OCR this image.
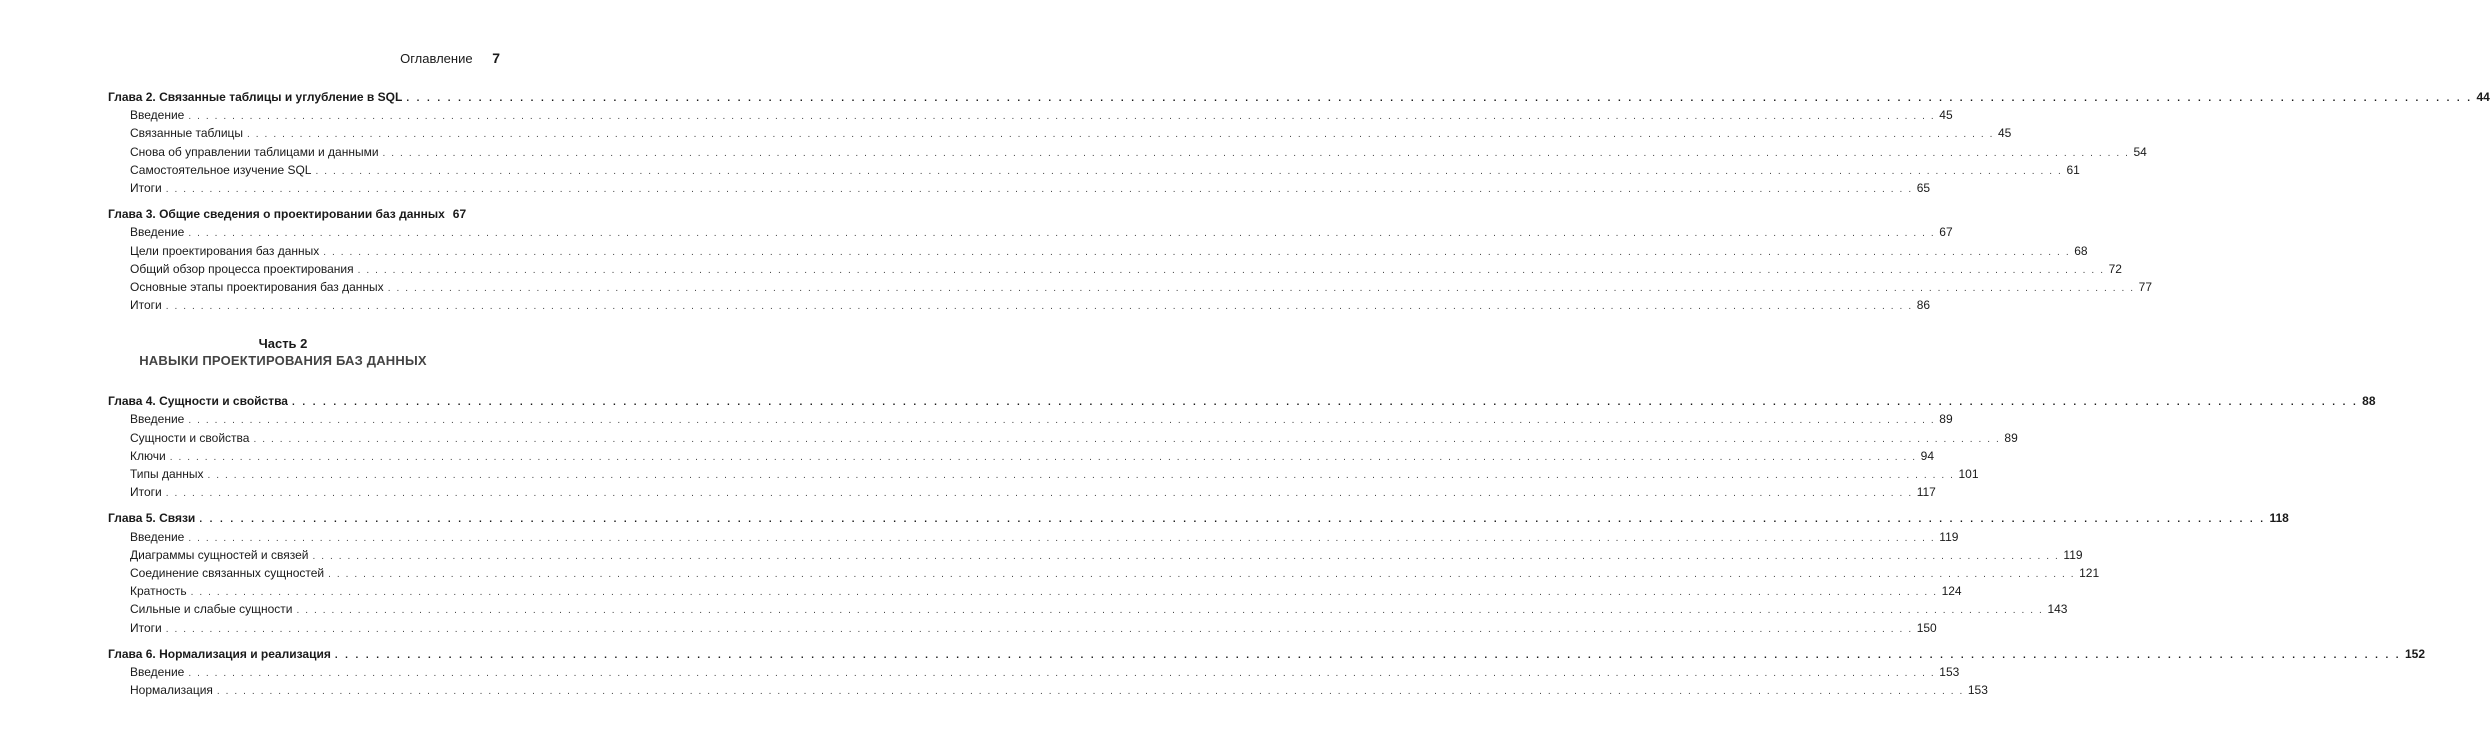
Оглавление 7
Глава 2. Связанные таблицы и углубление в SQL . . . . . . . . . . . . . . . . . . . . . . . . . . . . . . . . . . . . . . . . . . . . . . . . . . . . . . . . . . . . . . . . . . . . . . . . . . . . . . . . . . . . . . . . . . . . . . . . . . . . . . . . . . . . . . . . . . . . . . . . . . . . . . . . . . . . . . . . . . . . . . . . . . . . . . . . . . . . . . . . . . . . . . . . . . . . . . . . . . . . . . . . . . . . . . . . . . . . . . . . 44
Введение . . . . . . . . . . . . . . . . . . . . . . . . . . . . . . . . . . . . . . . . . . . . . . . . . . . . . . . . . . . . . . . . . . . . . . . . . . . . . . . . . . . . . . . . . . . . . . . . . . . . . . . . . . . . . . . . . . . . . . . . . . . . . . . . . . . . . . . . . . . . . . . . . . . . . . . . . . . . . . . . . . . . . . . . . . . . . . . . . . . . . . . . . . . . . . . . . . . . . . . . 45
Связанные таблицы . . . . . . . . . . . . . . . . . . . . . . . . . . . . . . . . . . . . . . . . . . . . . . . . . . . . . . . . . . . . . . . . . . . . . . . . . . . . . . . . . . . . . . . . . . . . . . . . . . . . . . . . . . . . . . . . . . . . . . . . . . . . . . . . . . . . . . . . . . . . . . . . . . . . . . . . . . . . . . . . . . . . . . . . . . . . . . . . . . . . . . . . . . . . . . . . . . . . . . . . 45
Снова об управлении таблицами и данными . . . . . . . . . . . . . . . . . . . . . . . . . . . . . . . . . . . . . . . . . . . . . . . . . . . . . . . . . . . . . . . . . . . . . . . . . . . . . . . . . . . . . . . . . . . . . . . . . . . . . . . . . . . . . . . . . . . . . . . . . . . . . . . . . . . . . . . . . . . . . . . . . . . . . . . . . . . . . . . . . . . . . . . . . . . . . . . . . . . . . . . . . . . . . . . . . . . . . . . . 54
Самостоятельное изучение SQL . . . . . . . . . . . . . . . . . . . . . . . . . . . . . . . . . . . . . . . . . . . . . . . . . . . . . . . . . . . . . . . . . . . . . . . . . . . . . . . . . . . . . . . . . . . . . . . . . . . . . . . . . . . . . . . . . . . . . . . . . . . . . . . . . . . . . . . . . . . . . . . . . . . . . . . . . . . . . . . . . . . . . . . . . . . . . . . . . . . . . . . . . . . . . . . . . . . . . . . . 61
Итоги . . . . . . . . . . . . . . . . . . . . . . . . . . . . . . . . . . . . . . . . . . . . . . . . . . . . . . . . . . . . . . . . . . . . . . . . . . . . . . . . . . . . . . . . . . . . . . . . . . . . . . . . . . . . . . . . . . . . . . . . . . . . . . . . . . . . . . . . . . . . . . . . . . . . . . . . . . . . . . . . . . . . . . . . . . . . . . . . . . . . . . . . . . . . . . . . . . . . . . . . 65
Глава 3. Общие сведения о проектировании баз данных 67
Введение . . . . . . . . . . . . . . . . . . . . . . . . . . . . . . . . . . . . . . . . . . . . . . . . . . . . . . . . . . . . . . . . . . . . . . . . . . . . . . . . . . . . . . . . . . . . . . . . . . . . . . . . . . . . . . . . . . . . . . . . . . . . . . . . . . . . . . . . . . . . . . . . . . . . . . . . . . . . . . . . . . . . . . . . . . . . . . . . . . . . . . . . . . . . . . . . . . . . . . . . 67
Цели проектирования баз данных . . . . . . . . . . . . . . . . . . . . . . . . . . . . . . . . . . . . . . . . . . . . . . . . . . . . . . . . . . . . . . . . . . . . . . . . . . . . . . . . . . . . . . . . . . . . . . . . . . . . . . . . . . . . . . . . . . . . . . . . . . . . . . . . . . . . . . . . . . . . . . . . . . . . . . . . . . . . . . . . . . . . . . . . . . . . . . . . . . . . . . . . . . . . . . . . . . . . . . . . 68
Общий обзор процесса проектирования . . . . . . . . . . . . . . . . . . . . . . . . . . . . . . . . . . . . . . . . . . . . . . . . . . . . . . . . . . . . . . . . . . . . . . . . . . . . . . . . . . . . . . . . . . . . . . . . . . . . . . . . . . . . . . . . . . . . . . . . . . . . . . . . . . . . . . . . . . . . . . . . . . . . . . . . . . . . . . . . . . . . . . . . . . . . . . . . . . . . . . . . . . . . . . . . . . . . . . . . 72
Основные этапы проектирования баз данных . . . . . . . . . . . . . . . . . . . . . . . . . . . . . . . . . . . . . . . . . . . . . . . . . . . . . . . . . . . . . . . . . . . . . . . . . . . . . . . . . . . . . . . . . . . . . . . . . . . . . . . . . . . . . . . . . . . . . . . . . . . . . . . . . . . . . . . . . . . . . . . . . . . . . . . . . . . . . . . . . . . . . . . . . . . . . . . . . . . . . . . . . . . . . . . . . . . . . . . . 77
Итоги . . . . . . . . . . . . . . . . . . . . . . . . . . . . . . . . . . . . . . . . . . . . . . . . . . . . . . . . . . . . . . . . . . . . . . . . . . . . . . . . . . . . . . . . . . . . . . . . . . . . . . . . . . . . . . . . . . . . . . . . . . . . . . . . . . . . . . . . . . . . . . . . . . . . . . . . . . . . . . . . . . . . . . . . . . . . . . . . . . . . . . . . . . . . . . . . . . . . . . . . 86
Часть 2
НАВЫКИ ПРОЕКТИРОВАНИЯ БАЗ ДАННЫХ
Глава 4. Сущности и свойства . . . . . . . . . . . . . . . . . . . . . . . . . . . . . . . . . . . . . . . . . . . . . . . . . . . . . . . . . . . . . . . . . . . . . . . . . . . . . . . . . . . . . . . . . . . . . . . . . . . . . . . . . . . . . . . . . . . . . . . . . . . . . . . . . . . . . . . . . . . . . . . . . . . . . . . . . . . . . . . . . . . . . . . . . . . . . . . . . . . . . . . . . . . . . . . . . . . . . . . . 88
Введение . . . . . . . . . . . . . . . . . . . . . . . . . . . . . . . . . . . . . . . . . . . . . . . . . . . . . . . . . . . . . . . . . . . . . . . . . . . . . . . . . . . . . . . . . . . . . . . . . . . . . . . . . . . . . . . . . . . . . . . . . . . . . . . . . . . . . . . . . . . . . . . . . . . . . . . . . . . . . . . . . . . . . . . . . . . . . . . . . . . . . . . . . . . . . . . . . . . . . . . . 89
Сущности и свойства . . . . . . . . . . . . . . . . . . . . . . . . . . . . . . . . . . . . . . . . . . . . . . . . . . . . . . . . . . . . . . . . . . . . . . . . . . . . . . . . . . . . . . . . . . . . . . . . . . . . . . . . . . . . . . . . . . . . . . . . . . . . . . . . . . . . . . . . . . . . . . . . . . . . . . . . . . . . . . . . . . . . . . . . . . . . . . . . . . . . . . . . . . . . . . . . . . . . . . . . 89
Ключи . . . . . . . . . . . . . . . . . . . . . . . . . . . . . . . . . . . . . . . . . . . . . . . . . . . . . . . . . . . . . . . . . . . . . . . . . . . . . . . . . . . . . . . . . . . . . . . . . . . . . . . . . . . . . . . . . . . . . . . . . . . . . . . . . . . . . . . . . . . . . . . . . . . . . . . . . . . . . . . . . . . . . . . . . . . . . . . . . . . . . . . . . . . . . . . . . . . . . . . . 94
Типы данных . . . . . . . . . . . . . . . . . . . . . . . . . . . . . . . . . . . . . . . . . . . . . . . . . . . . . . . . . . . . . . . . . . . . . . . . . . . . . . . . . . . . . . . . . . . . . . . . . . . . . . . . . . . . . . . . . . . . . . . . . . . . . . . . . . . . . . . . . . . . . . . . . . . . . . . . . . . . . . . . . . . . . . . . . . . . . . . . . . . . . . . . . . . . . . . . . . . . . . . . 101
Итоги . . . . . . . . . . . . . . . . . . . . . . . . . . . . . . . . . . . . . . . . . . . . . . . . . . . . . . . . . . . . . . . . . . . . . . . . . . . . . . . . . . . . . . . . . . . . . . . . . . . . . . . . . . . . . . . . . . . . . . . . . . . . . . . . . . . . . . . . . . . . . . . . . . . . . . . . . . . . . . . . . . . . . . . . . . . . . . . . . . . . . . . . . . . . . . . . . . . . . . . . 117
Глава 5. Связи . . . . . . . . . . . . . . . . . . . . . . . . . . . . . . . . . . . . . . . . . . . . . . . . . . . . . . . . . . . . . . . . . . . . . . . . . . . . . . . . . . . . . . . . . . . . . . . . . . . . . . . . . . . . . . . . . . . . . . . . . . . . . . . . . . . . . . . . . . . . . . . . . . . . . . . . . . . . . . . . . . . . . . . . . . . . . . . . . . . . . . . . . . . . . . . . . . . . . . . . 118
Введение . . . . . . . . . . . . . . . . . . . . . . . . . . . . . . . . . . . . . . . . . . . . . . . . . . . . . . . . . . . . . . . . . . . . . . . . . . . . . . . . . . . . . . . . . . . . . . . . . . . . . . . . . . . . . . . . . . . . . . . . . . . . . . . . . . . . . . . . . . . . . . . . . . . . . . . . . . . . . . . . . . . . . . . . . . . . . . . . . . . . . . . . . . . . . . . . . . . . . . . . 119
Диаграммы сущностей и связей . . . . . . . . . . . . . . . . . . . . . . . . . . . . . . . . . . . . . . . . . . . . . . . . . . . . . . . . . . . . . . . . . . . . . . . . . . . . . . . . . . . . . . . . . . . . . . . . . . . . . . . . . . . . . . . . . . . . . . . . . . . . . . . . . . . . . . . . . . . . . . . . . . . . . . . . . . . . . . . . . . . . . . . . . . . . . . . . . . . . . . . . . . . . . . . . . . . . . . . . 119
Соединение связанных сущностей . . . . . . . . . . . . . . . . . . . . . . . . . . . . . . . . . . . . . . . . . . . . . . . . . . . . . . . . . . . . . . . . . . . . . . . . . . . . . . . . . . . . . . . . . . . . . . . . . . . . . . . . . . . . . . . . . . . . . . . . . . . . . . . . . . . . . . . . . . . . . . . . . . . . . . . . . . . . . . . . . . . . . . . . . . . . . . . . . . . . . . . . . . . . . . . . . . . . . . . . 121
Кратность . . . . . . . . . . . . . . . . . . . . . . . . . . . . . . . . . . . . . . . . . . . . . . . . . . . . . . . . . . . . . . . . . . . . . . . . . . . . . . . . . . . . . . . . . . . . . . . . . . . . . . . . . . . . . . . . . . . . . . . . . . . . . . . . . . . . . . . . . . . . . . . . . . . . . . . . . . . . . . . . . . . . . . . . . . . . . . . . . . . . . . . . . . . . . . . . . . . . . . . . 124
Сильные и слабые сущности . . . . . . . . . . . . . . . . . . . . . . . . . . . . . . . . . . . . . . . . . . . . . . . . . . . . . . . . . . . . . . . . . . . . . . . . . . . . . . . . . . . . . . . . . . . . . . . . . . . . . . . . . . . . . . . . . . . . . . . . . . . . . . . . . . . . . . . . . . . . . . . . . . . . . . . . . . . . . . . . . . . . . . . . . . . . . . . . . . . . . . . . . . . . . . . . . . . . . . . . 143
Итоги . . . . . . . . . . . . . . . . . . . . . . . . . . . . . . . . . . . . . . . . . . . . . . . . . . . . . . . . . . . . . . . . . . . . . . . . . . . . . . . . . . . . . . . . . . . . . . . . . . . . . . . . . . . . . . . . . . . . . . . . . . . . . . . . . . . . . . . . . . . . . . . . . . . . . . . . . . . . . . . . . . . . . . . . . . . . . . . . . . . . . . . . . . . . . . . . . . . . . . . . 150
Глава 6. Нормализация и реализация . . . . . . . . . . . . . . . . . . . . . . . . . . . . . . . . . . . . . . . . . . . . . . . . . . . . . . . . . . . . . . . . . . . . . . . . . . . . . . . . . . . . . . . . . . . . . . . . . . . . . . . . . . . . . . . . . . . . . . . . . . . . . . . . . . . . . . . . . . . . . . . . . . . . . . . . . . . . . . . . . . . . . . . . . . . . . . . . . . . . . . . . . . . . . . . . . . . . . . . . 152
Введение . . . . . . . . . . . . . . . . . . . . . . . . . . . . . . . . . . . . . . . . . . . . . . . . . . . . . . . . . . . . . . . . . . . . . . . . . . . . . . . . . . . . . . . . . . . . . . . . . . . . . . . . . . . . . . . . . . . . . . . . . . . . . . . . . . . . . . . . . . . . . . . . . . . . . . . . . . . . . . . . . . . . . . . . . . . . . . . . . . . . . . . . . . . . . . . . . . . . . . . . 153
Нормализация . . . . . . . . . . . . . . . . . . . . . . . . . . . . . . . . . . . . . . . . . . . . . . . . . . . . . . . . . . . . . . . . . . . . . . . . . . . . . . . . . . . . . . . . . . . . . . . . . . . . . . . . . . . . . . . . . . . . . . . . . . . . . . . . . . . . . . . . . . . . . . . . . . . . . . . . . . . . . . . . . . . . . . . . . . . . . . . . . . . . . . . . . . . . . . . . . . . . . . . . 153
